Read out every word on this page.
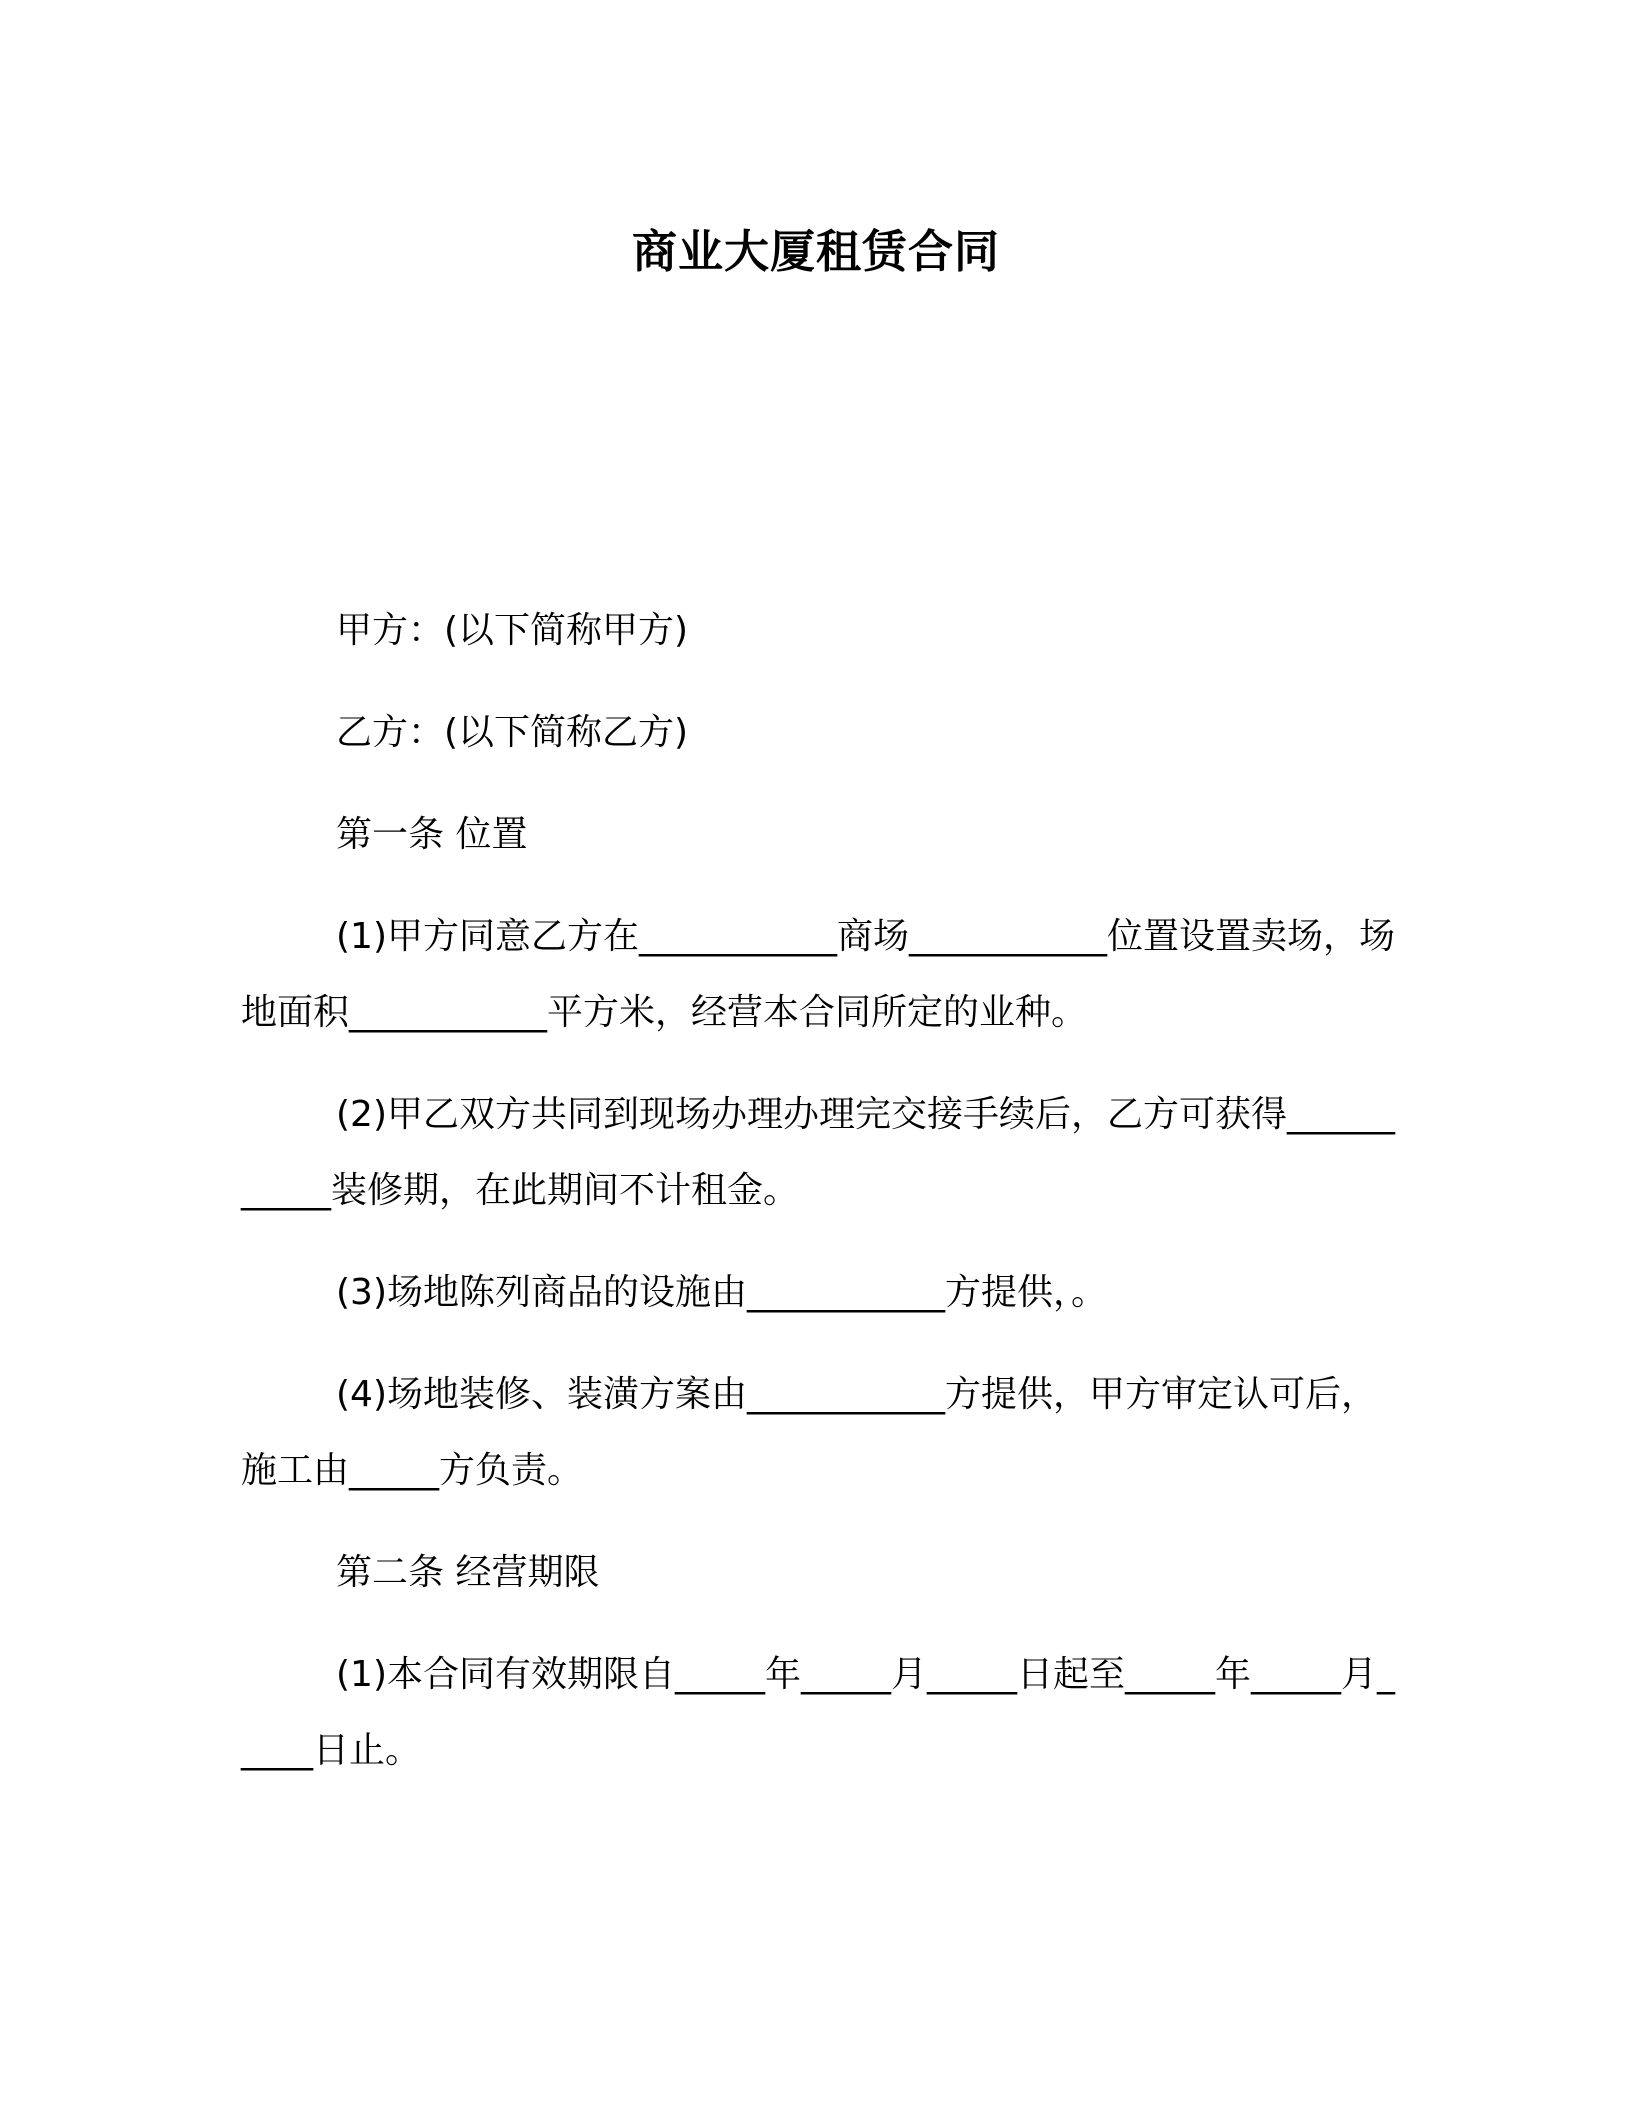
商业大厦租赁合同

甲方：(以下简称甲方)

乙方：(以下简称乙方)

第一条 位置

(1)甲方同意乙方在___________商场___________位置设置卖场，场地面积___________平方米，经营本合同所定的业种。

(2)甲乙双方共同到现场办理办理完交接手续后，乙方可获得___________装修期，在此期间不计租金。

(3)场地陈列商品的设施由___________方提供，。

(4)场地装修、装潢方案由___________方提供，甲方审定认可后，施工由_____方负责。

第二条 经营期限

(1)本合同有效期限自_____年_____月_____日起至_____年_____月_____日止。
